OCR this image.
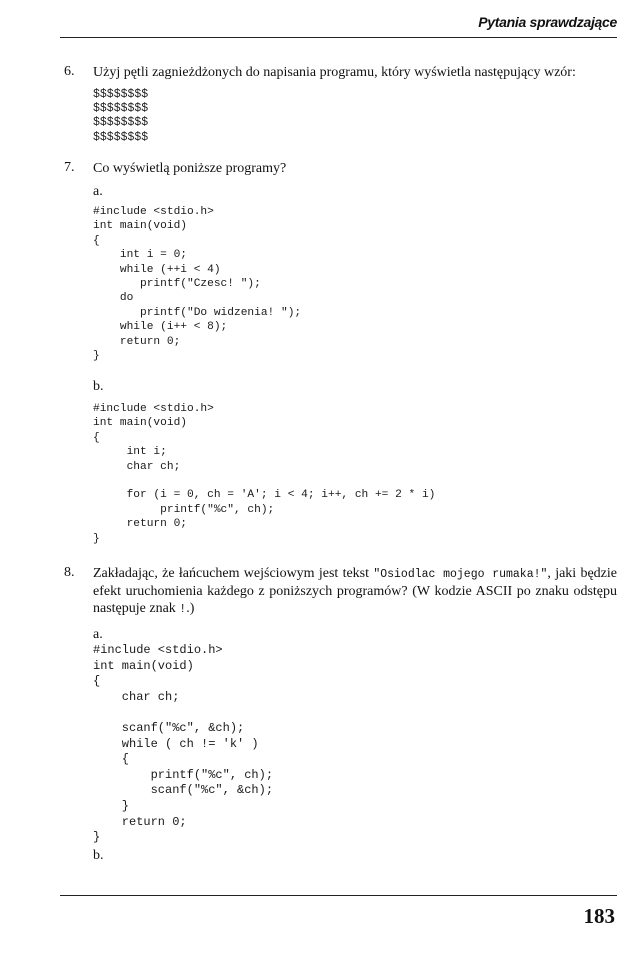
Pytania sprawdzające
6. Użyj pętli zagnieżdżonych do napisania programu, który wyświetla następujący wzór:
$$$$$$$$
$$$$$$$$
$$$$$$$$
$$$$$$$$
7. Co wyświetlą poniższe programy?
a.
#include <stdio.h>
int main(void)
{
int i = 0;
while (++i < 4)
printf("Czesc! ");
do
printf("Do widzenia! ");
while (i++ < 8);
return 0;
}
b.
#include <stdio.h>
int main(void)
{
int i;
char ch;

for (i = 0, ch = 'A'; i < 4; i++, ch += 2 * i)
printf("%c", ch);
return 0;
}
8. Zakładając, że łańcuchem wejściowym jest tekst "Osiodlac mojego rumaka!", jaki będzie efekt uruchomienia każdego z poniższych programów? (W kodzie ASCII po znaku odstępu następuje znak !.)
a.
#include <stdio.h>
int main(void)
{
char ch;

scanf("%c", &ch);
while ( ch != 'k' )
{
printf("%c", ch);
scanf("%c", &ch);
}
return 0;
}
b.
183
